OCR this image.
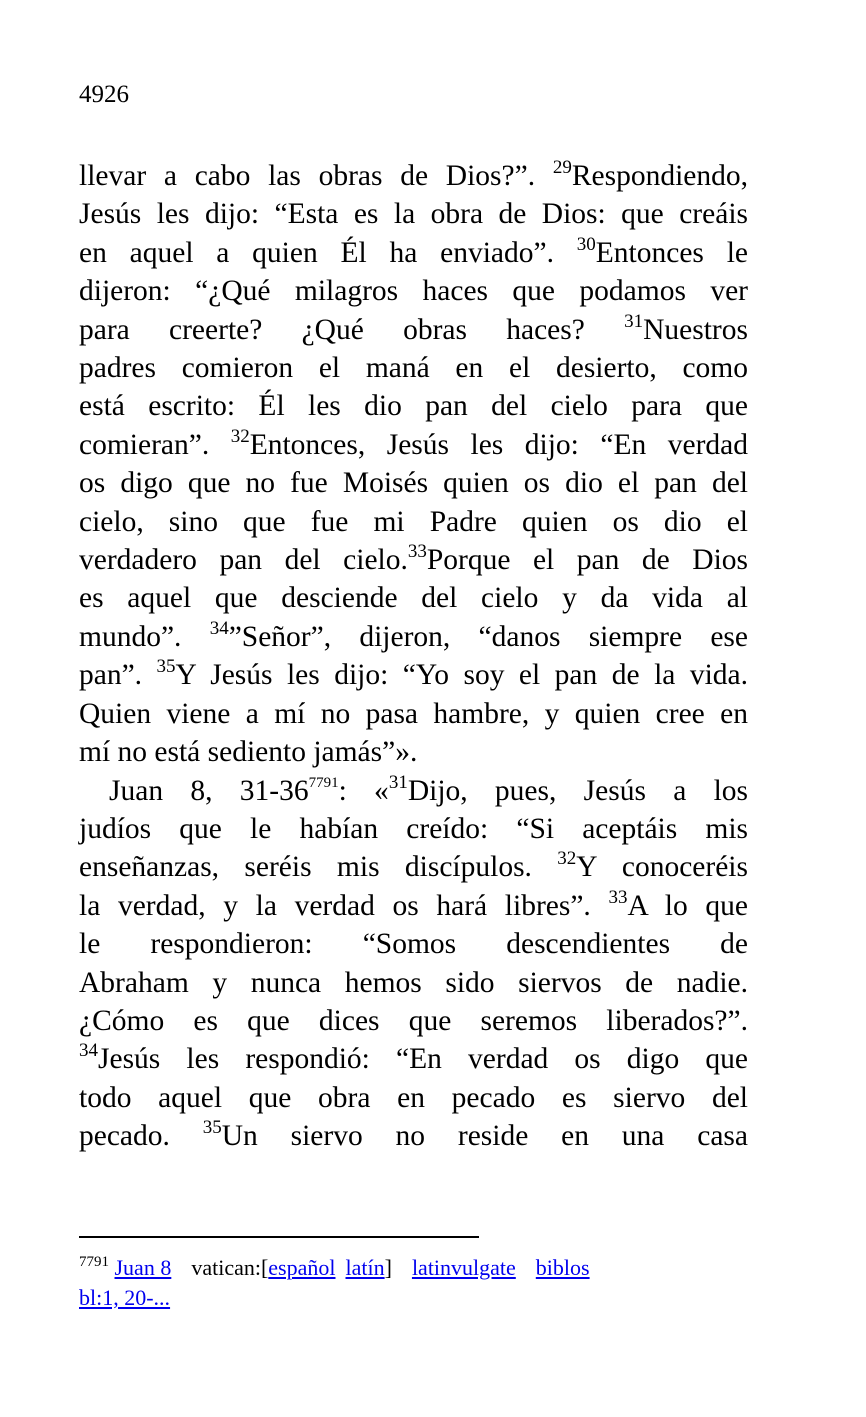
4926
llevar a cabo las obras de Dios?”. $^{29}$Respondiendo,
Jesús les dijo: “Esta es la obra de Dios: que creáis
en aquel a quien Él ha enviado”. $^{30}$Entonces le
dijeron: “¿Qué milagros haces que podamos ver
para creerte? ¿Qué obras haces? $^{31}$Nuestros
padres comieron el maná en el desierto, como
está escrito: Él les dio pan del cielo para que
comieran”. $^{32}$Entonces, Jesús les dijo: “En verdad
os digo que no fue Moisés quien os dio el pan del
cielo, sino que fue mi Padre quien os dio el
verdadero pan del cielo.$^{33}$Porque el pan de Dios
es aquel que desciende del cielo y da vida al
mundo”. $^{34}$”Señor”, dijeron, “danos siempre ese
pan”. $^{35}$Y Jesús les dijo: “Yo soy el pan de la vida.
Quien viene a mí no pasa hambre, y quien cree en
mí no está sediento jamás”».
Juan 8, 31-36$^{7791}$: «$^{31}$Dijo, pues, Jesús a los
judíos que le habían creído: “Si aceptáis mis
enseñanzas, seréis mis discípulos. $^{32}$Y conoceréis
la verdad, y la verdad os hará libres”. $^{33}$A lo que
le respondieron: “Somos descendientes de
Abraham y nunca hemos sido siervos de nadie.
¿Cómo es que dices que seremos liberados?”.
$^{34}$Jesús les respondió: “En verdad os digo que
todo aquel que obra en pecado es siervo del
pecado. $^{35}$Un siervo no reside en una casa
$^{7791}$ Juan 8 vatican:[español latín] latinvulgate biblos
bl:1, 20-...
